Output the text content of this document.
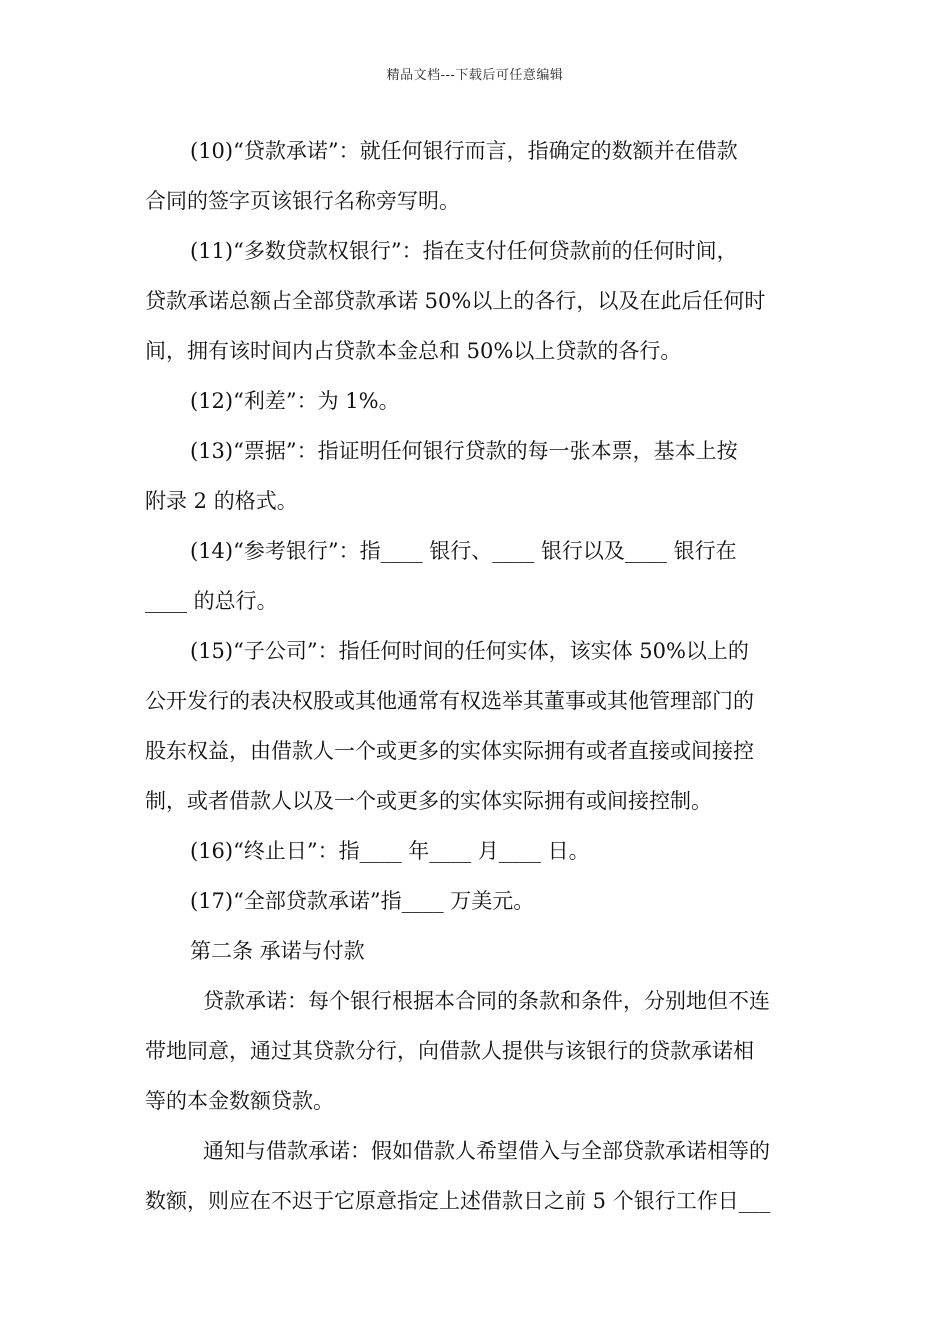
精品文档---下载后可任意编辑

(10)“贷款承诺”：就任何银行而言，指确定的数额并在借款
合同的签字页该银行名称旁写明。

(11)“多数贷款权银行”：指在支付任何贷款前的任何时间，
贷款承诺总额占全部贷款承诺 50%以上的各行，以及在此后任何时
间，拥有该时间内占贷款本金总和 50%以上贷款的各行。

(12)“利差”：为 1%。

(13)“票据”：指证明任何银行贷款的每一张本票，基本上按
附录 2 的格式。

(14)“参考银行”：指____ 银行、____ 银行以及____ 银行在
____ 的总行。

(15)“子公司”：指任何时间的任何实体，该实体 50%以上的
公开发行的表决权股或其他通常有权选举其董事或其他管理部门的
股东权益，由借款人一个或更多的实体实际拥有或者直接或间接控
制，或者借款人以及一个或更多的实体实际拥有或间接控制。

(16)“终止日”：指____ 年____ 月____ 日。

(17)“全部贷款承诺”指____ 万美元。

第二条 承诺与付款

贷款承诺：每个银行根据本合同的条款和条件，分别地但不连
带地同意，通过其贷款分行，向借款人提供与该银行的贷款承诺相
等的本金数额贷款。

通知与借款承诺：假如借款人希望借入与全部贷款承诺相等的
数额，则应在不迟于它原意指定上述借款日之前 5 个银行工作日___
